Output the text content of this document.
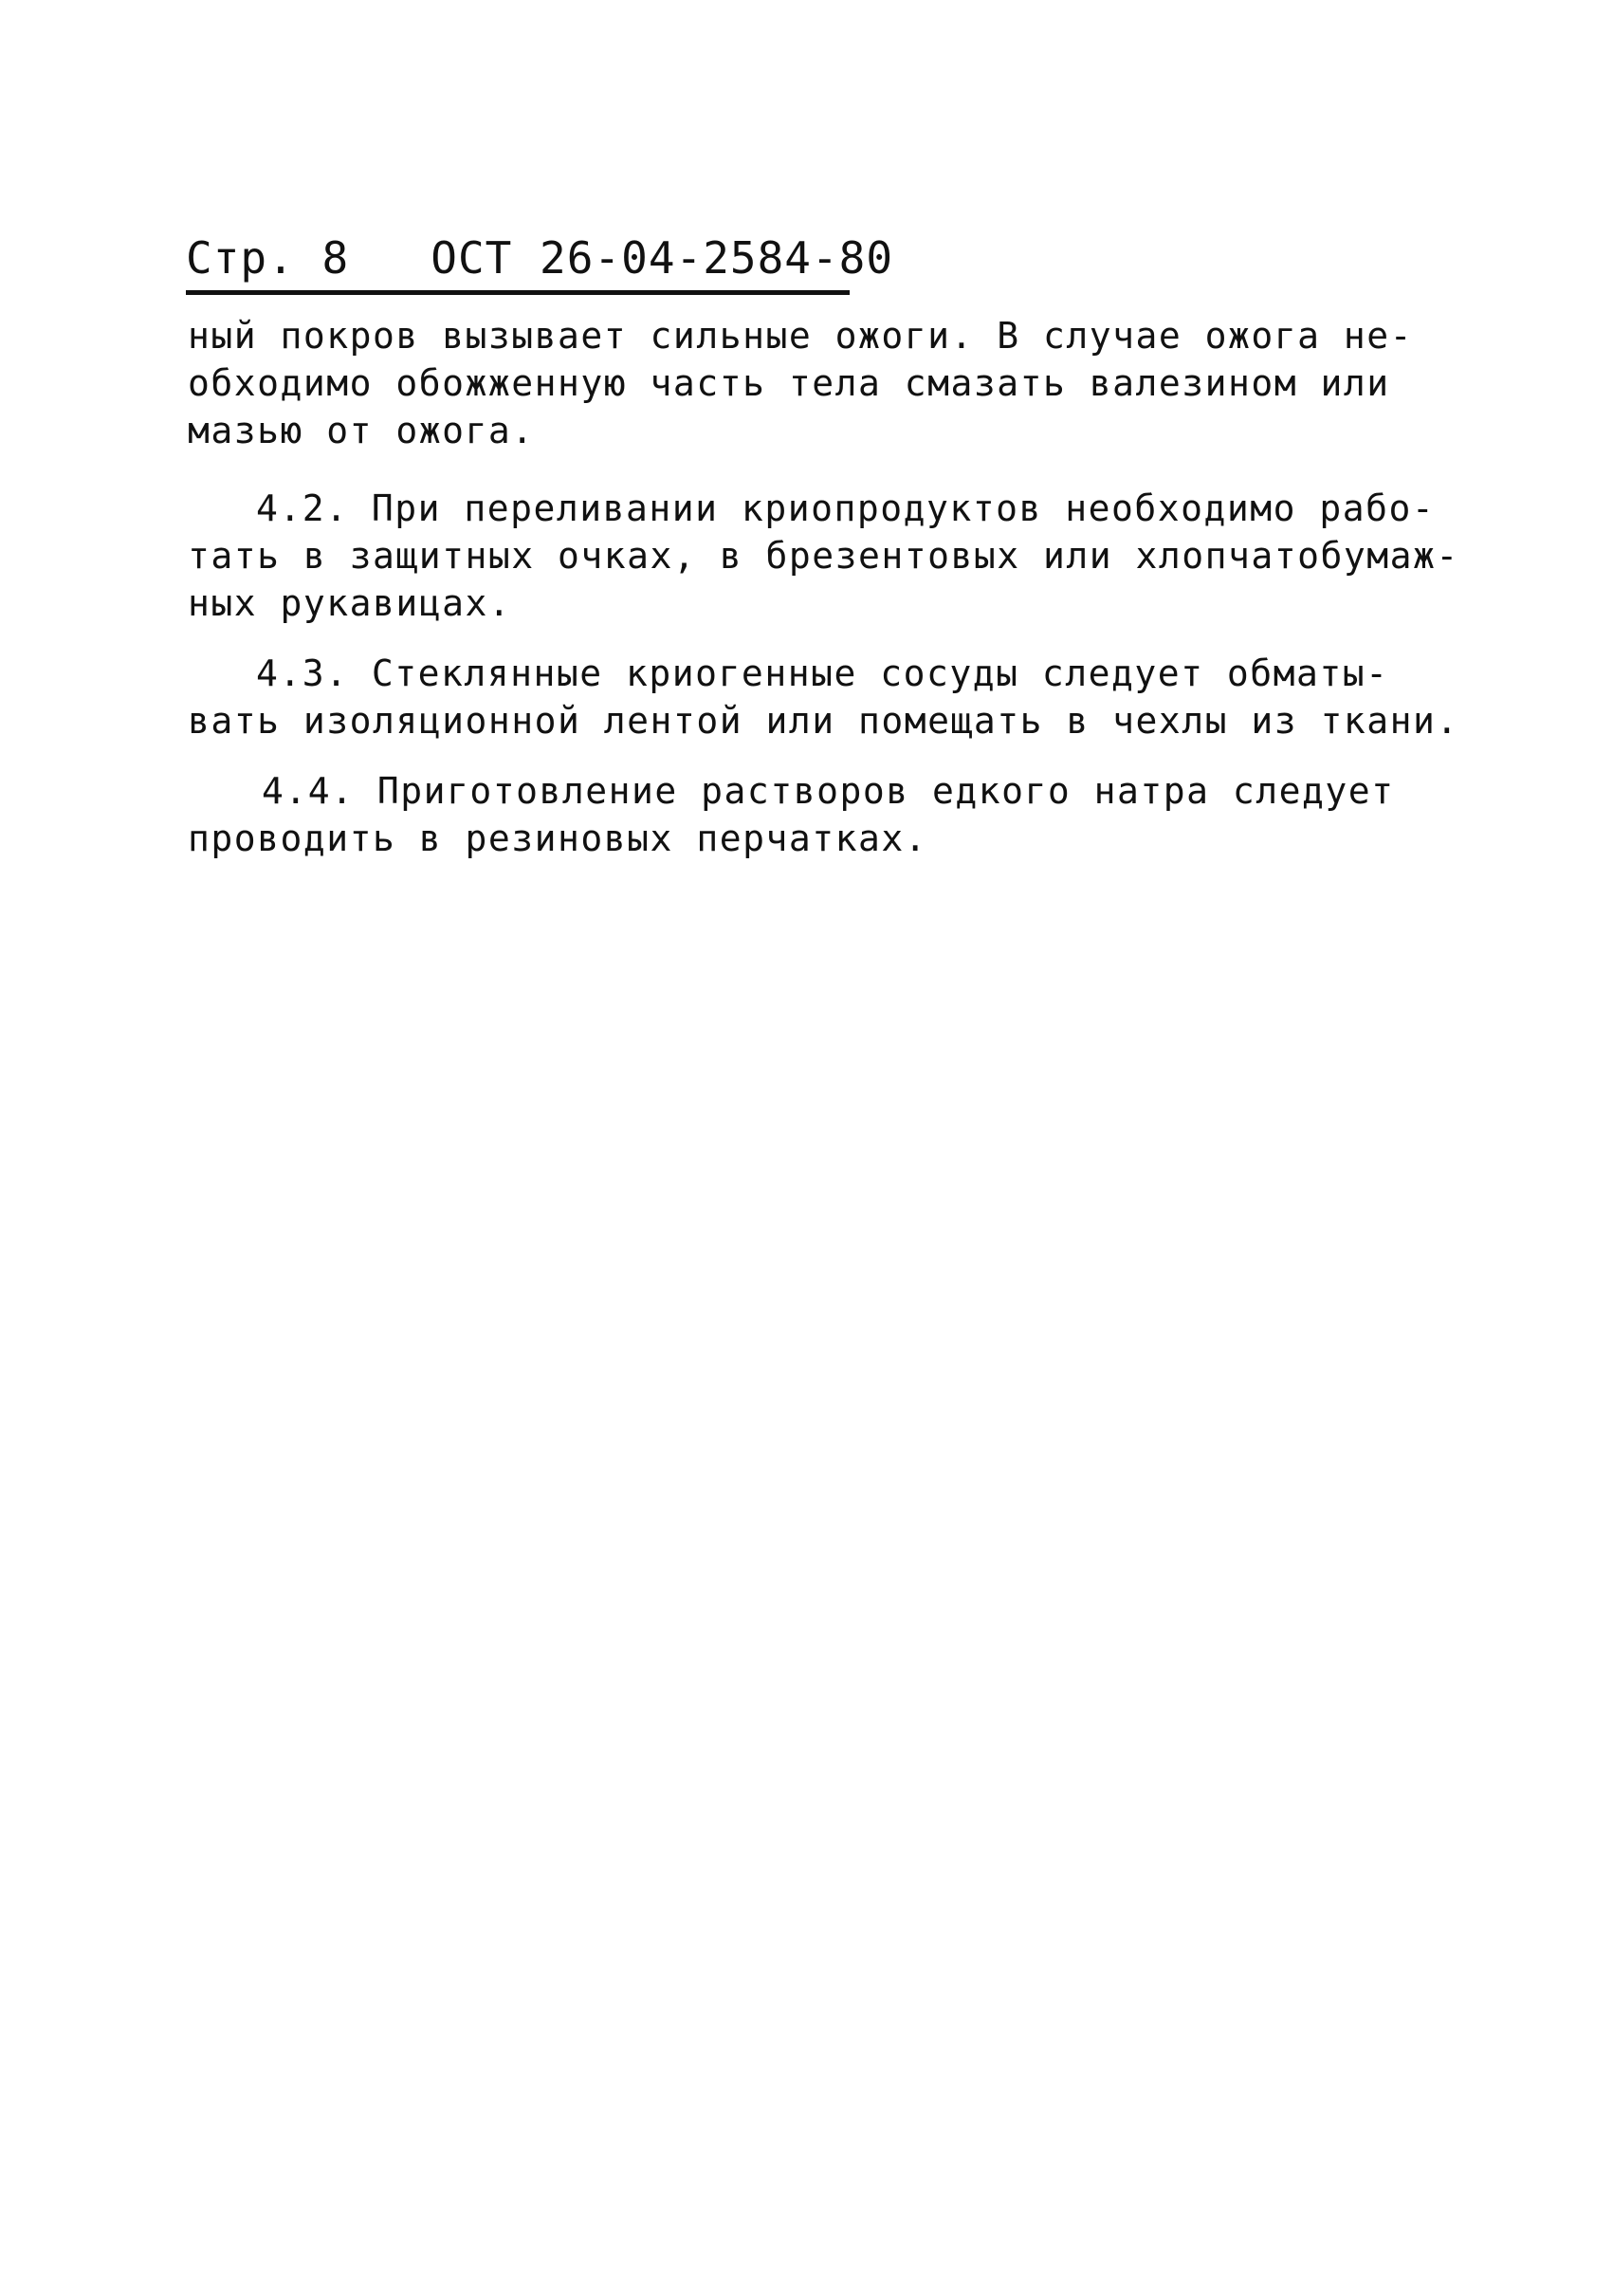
Стр. 8 ОСТ 26-04-2584-80
ный покров вызывает сильные ожоги. В случае ожога не-
обходимо обожженную часть тела смазать валезином или
мазью от ожога.
4.2. При переливании криопродуктов необходимо рабо-
тать в защитных очках, в брезентовых или хлопчатобумаж-
ных рукавицах.
4.3. Стеклянные криогенные сосуды следует обматы-
вать изоляционной лентой или помещать в чехлы из ткани.
4.4. Приготовление растворов едкого натра следует
проводить в резиновых перчатках.
